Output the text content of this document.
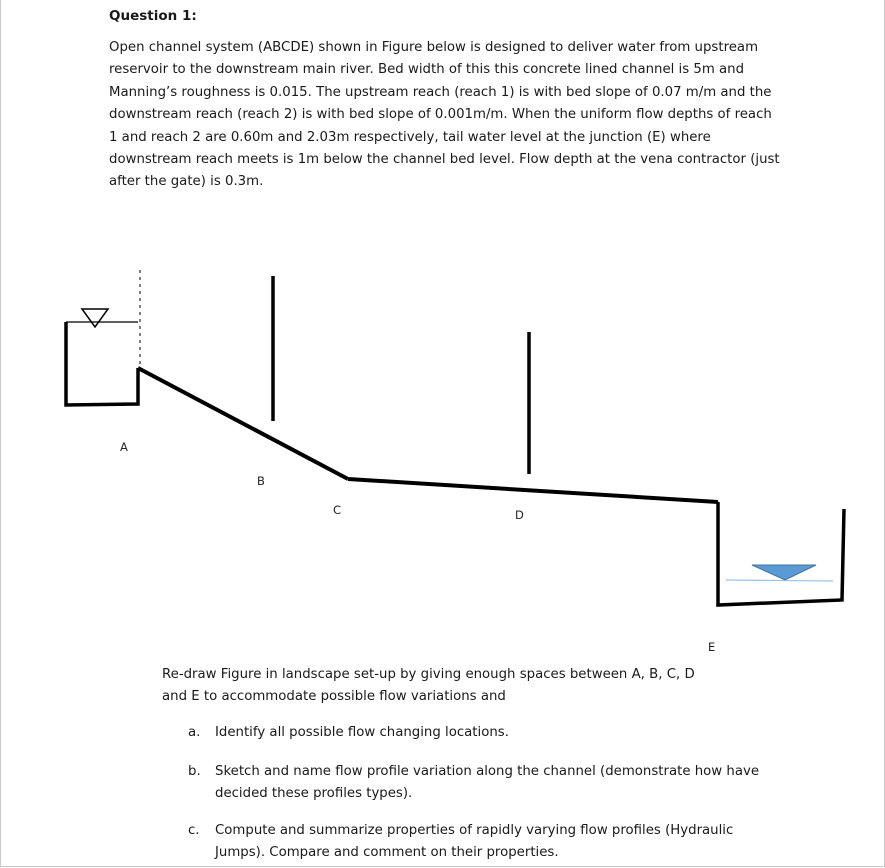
Question 1:
Open channel system (ABCDE) shown in Figure below is designed to deliver water from upstream
reservoir to the downstream main river. Bed width of this this concrete lined channel is 5m and
Manning’s roughness is 0.015. The upstream reach (reach 1) is with bed slope of 0.07 m/m and the
downstream reach (reach 2) is with bed slope of 0.001m/m. When the uniform flow depths of reach
1 and reach 2 are 0.60m and 2.03m respectively, tail water level at the junction (E) where
downstream reach meets is 1m below the channel bed level. Flow depth at the vena contractor (just
after the gate) is 0.3m.
A
B
C	D
E
Re-draw Figure in landscape set-up by giving enough spaces between A, B, C, D
and E to accommodate possible flow variations and
a. Identify all possible flow changing locations.
b. Sketch and name flow profile variation along the channel (demonstrate how have
decided these profiles types).
c. Compute and summarize properties of rapidly varying flow profiles (Hydraulic
Jumps). Compare and comment on their properties.
